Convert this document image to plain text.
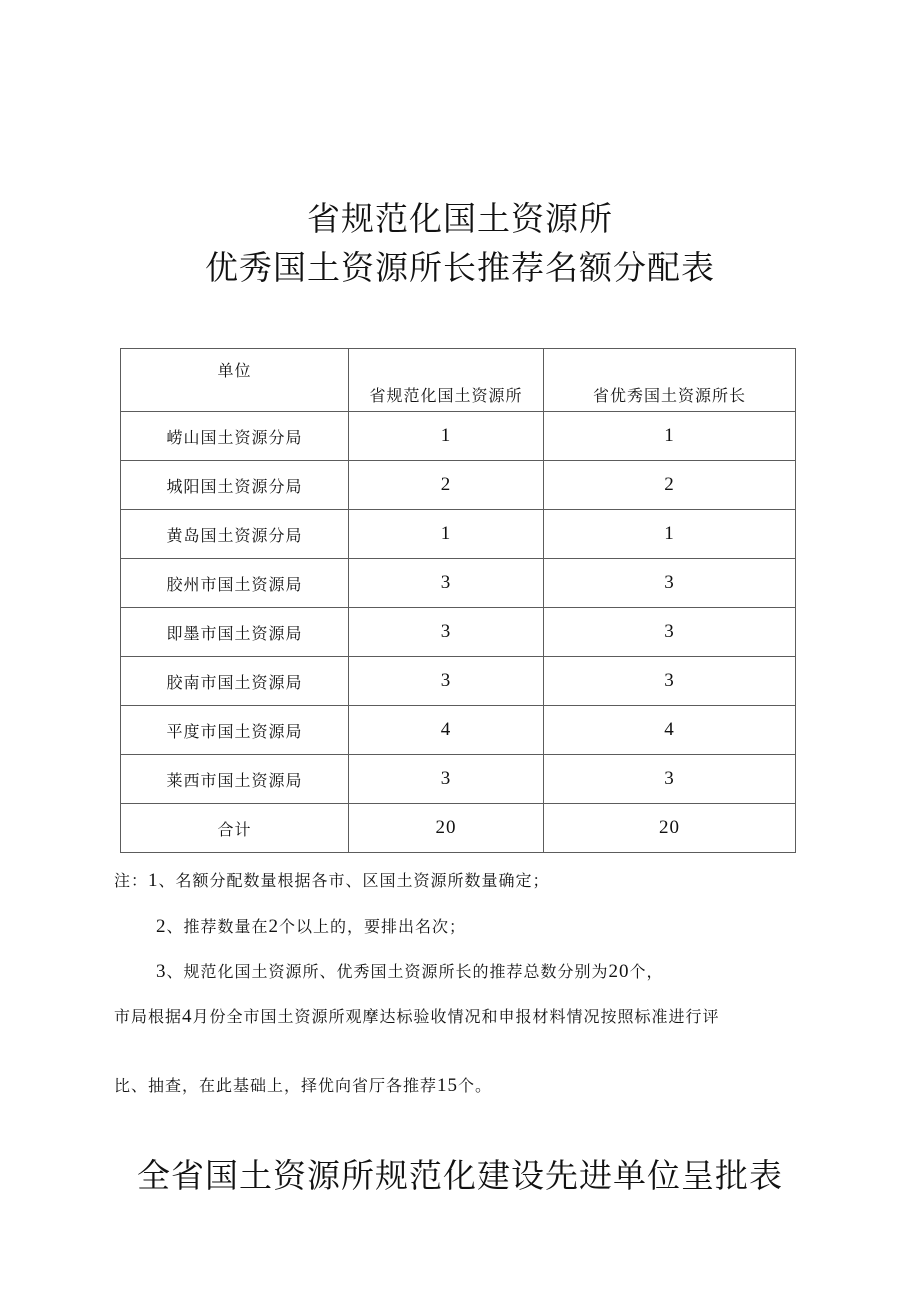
省规范化国土资源所
优秀国土资源所长推荐名额分配表
单位	省规范化国土资源所	省优秀国土资源所长

崂山国土资源分局	1	1
城阳国土资源分局	2	2
黄岛国土资源分局	1	1
胶州市国土资源局	3	3
即墨市国土资源局	3	3
胶南市国土资源局	3	3
平度市国土资源局	4	4
莱西市国土资源局	3	3
合计	20	20
注：1、名额分配数量根据各市、区国土资源所数量确定；
2、推荐数量在2个以上的，要排出名次；
3、规范化国土资源所、优秀国土资源所长的推荐总数分别为20个，
市局根据4月份全市国土资源所观摩达标验收情况和申报材料情况按照标准进行评
比、抽查，在此基础上，择优向省厅各推荐15个。
全省国土资源所规范化建设先进单位呈批表
